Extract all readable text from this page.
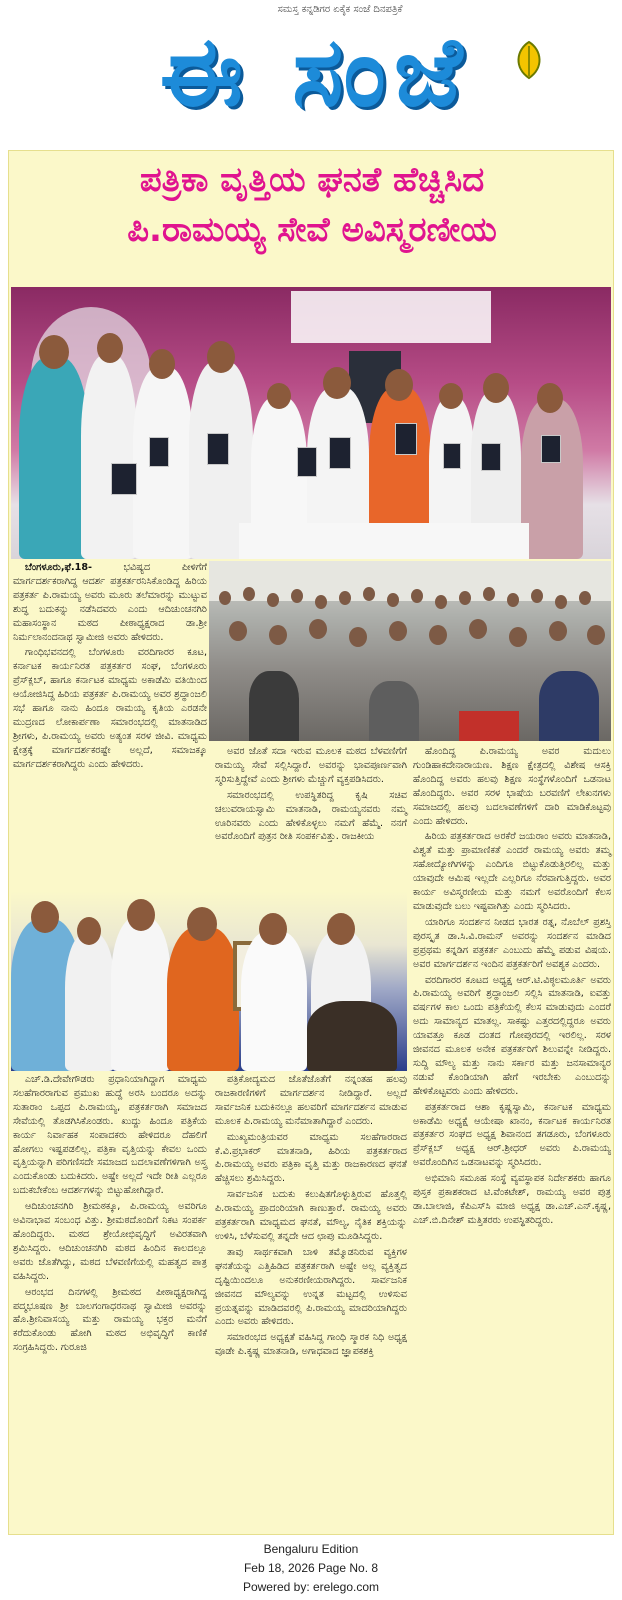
ಸಮಸ್ತ ಕನ್ನಡಿಗರ ಏಕೈಕ ಸಂಜೆ ದಿನಪತ್ರಿಕೆ
ಈ ಸಂಜೆ
ಪತ್ರಿಕಾ ವೃತ್ತಿಯ ಘನತೆ ಹೆಚ್ಚಿಸಿದ
ಪಿ.ರಾಮಯ್ಯ ಸೇವೆ ಅವಿಸ್ಮರಣೀಯ

ಬೆಂಗಳೂರು,ಫೆ.18-	ಭವಿಷ್ಯದ ಪೀಳಿಗೆಗೆ ಮಾರ್ಗದರ್ಶಕರಾಗಿದ್ದ ಆದರ್ಶ ಪತ್ರಕರ್ತರನಿಸಿಕೊಂಡಿದ್ದ ಹಿರಿಯ ಪತ್ರಕರ್ತ ಪಿ.ರಾಮಯ್ಯ ಅವರು ಮೂರು ತಲೆಮಾರನ್ನು ಮುಟ್ಟುವ ಶುದ್ಧ ಬದುಕನ್ನು ನಡೆಸಿದವರು ಎಂದು ಆದಿಚುಂಚನಗಿರಿ ಮಹಾಸಂಸ್ಥಾನ ಮಠದ ಪೀಠಾಧ್ಯಕ್ಷರಾದ ಡಾ.ಶ್ರೀ ನಿರ್ಮಲಾನಂದನಾಥ ಸ್ವಾಮೀಜಿ ಅವರು ಹೇಳಿದರು.

ಗಾಂಧಿಭವನದಲ್ಲಿ ಬೆಂಗಳೂರು ವರದಿಗಾರರ ಕೂಟ, ಕರ್ನಾಟಕ ಕಾರ್ಯನಿರತ ಪತ್ರಕರ್ತರ ಸಂಘ, ಬೆಂಗಳೂರು ಪ್ರೆಸ್‌ಕ್ಲಬ್, ಹಾಗೂ ಕರ್ನಾಟಕ ಮಾಧ್ಯಮ ಅಕಾಡೆಮಿ ವತಿಯಿಂದ ಆಯೋಜಿಸಿದ್ದ ಹಿರಿಯ ಪತ್ರಕರ್ತ ಪಿ.ರಾಮಯ್ಯ ಅವರ ಶ್ರದ್ಧಾಂಜಲಿ ಸಭೆ ಹಾಗೂ ನಾನು ಹಿಂದೂ ರಾಮಯ್ಯ ಕೃತಿಯ ಎರಡನೇ ಮುದ್ರಣದ ಲೋಕಾರ್ಪಣಾ ಸಮಾರಂಭದಲ್ಲಿ ಮಾತನಾಡಿದ ಶ್ರೀಗಳು, ಪಿ.ರಾಮಯ್ಯ ಅವರು ಅತ್ಯಂತ ಸರಳ ಜೀವಿ. ಮಾಧ್ಯಮ ಕ್ಷೇತ್ರಕ್ಕೆ ಮಾರ್ಗದರ್ಶಕರಷ್ಟೇ ಅಲ್ಲದೆ, ಸಮಾಜಕ್ಕೂ ಮಾರ್ಗದರ್ಶಕರಾಗಿದ್ದರು ಎಂದು ಹೇಳಿದರು.

ಅವರ ಜೊತೆ ಸದಾ ಇರುವ ಮೂಲಕ ಮಠದ ಬೆಳವಣಿಗೆಗೆ ರಾಮಯ್ಯ ಸೇವೆ ಸಲ್ಲಿಸಿದ್ದಾರೆ. ಅವರನ್ನು ಭಾವಪೂರ್ಣವಾಗಿ ಸ್ಮರಿಸುತ್ತಿದ್ದೇವೆ ಎಂದು ಶ್ರೀಗಳು ಮೆಚ್ಚುಗೆ ವ್ಯಕ್ತಪಡಿಸಿದರು.

ಸಮಾರಂಭದಲ್ಲಿ ಉಪಸ್ಥಿತರಿದ್ದ ಕೃಷಿ ಸಚಿವ ಚಲುವರಾಯಸ್ವಾಮಿ ಮಾತನಾಡಿ, ರಾಮಯ್ಯನವರು ನಮ್ಮ ಊರಿನವರು ಎಂದು ಹೇಳಿಕೊಳ್ಳಲು ನಮಗೆ ಹೆಮ್ಮೆ. ನನಗೆ ಅವರೊಂದಿಗೆ ಪುತ್ರನ ರೀತಿ ಸಂಪರ್ಕವಿತ್ತು. ರಾಜಕೀಯ

ಹೊಂದಿದ್ದ ಪಿ.ರಾಮಯ್ಯ ಅವರ ಮದುಲು ಗುಂಡಿಹಾಕದೇನಾರಾಯಣ. ಶಿಕ್ಷಣ ಕ್ಷೇತ್ರದಲ್ಲಿ ವಿಶೇಷ ಆಸಕ್ತಿ ಹೊಂದಿದ್ದ ಅವರು ಹಲವು ಶಿಕ್ಷಣ ಸಂಸ್ಥೆಗಳೊಂದಿಗೆ ಒಡನಾಟ ಹೊಂದಿದ್ದರು. ಅವರ ಸರಳ ಭಾಷೆಯ ಬರವಣಿಗೆ ಲೇಖನಗಳು ಸಮಾಜದಲ್ಲಿ ಹಲವು ಬದಲಾವಣೆಗಳಿಗೆ ದಾರಿ ಮಾಡಿಕೊಟ್ಟವು ಎಂದು ಹೇಳಿದರು.

ಹಿರಿಯ ಪತ್ರಕರ್ತರಾದ ಅರಕೆರೆ ಜಯರಾಂ ಅವರು ಮಾತನಾಡಿ, ವಿಶ್ವತೆ ಮತ್ತು ಪ್ರಾಮಾಣಿಕತೆ ಎಂದರೆ ರಾಮಯ್ಯ ಅವರು ತಮ್ಮ ಸಹೋದ್ಯೋಗಿಗಳನ್ನು ಎಂದಿಗೂ ಬಿಟ್ಟುಕೊಡುತ್ತಿರಲಿಲ್ಲ ಮತ್ತು ಯಾವುದೇ ಆಮಿಷ ಇಲ್ಲದೇ ಎಲ್ಲರಿಗೂ ನೆರವಾಗುತ್ತಿದ್ದರು. ಅವರ ಕಾರ್ಯ ಅವಿಸ್ಮರಣೀಯ ಮತ್ತು ನಮಗೆ ಅವರೊಂದಿಗೆ ಕೆಲಸ ಮಾಡುವುದೇ ಬಲು ಇಷ್ಟವಾಗಿತ್ತು ಎಂದು ಸ್ಮರಿಸಿದರು.

ಯಾರಿಗೂ ಸಂದರ್ಶನ ನೀಡದ ಭಾರತ ರತ್ನ, ನೊಬೆಲ್ ಪ್ರಶಸ್ತಿ ಪುರಸ್ಕೃತ ಡಾ.ಸಿ.ವಿ.ರಾಮನ್ ಅವರನ್ನು ಸಂದರ್ಶನ ಮಾಡಿದ ಪ್ರಪ್ರಥಮ ಕನ್ನಡಿಗ ಪತ್ರಕರ್ತ ಎಂಬುದು ಹೆಮ್ಮೆ ಪಡುವ ವಿಷಯ. ಅವರ ಮಾರ್ಗದರ್ಶನ ಇಂದಿನ ಪತ್ರಕರ್ತರಿಗೆ ಅವಶ್ಯಕ ಎಂದರು.

ವರದಿಗಾರರ ಕೂಟದ ಅಧ್ಯಕ್ಷ ಆರ್.ಟಿ.ವಿಠ್ಠಲಮೂರ್ತಿ ಅವರು ಪಿ.ರಾಮಯ್ಯ ಅವರಿಗೆ ಶ್ರದ್ಧಾಂಜಲಿ ಸಲ್ಲಿಸಿ ಮಾತನಾಡಿ, ಐವತ್ತು ವರ್ಷಗಳ ಕಾಲ ಒಂದು ಪತ್ರಿಕೆಯಲ್ಲಿ ಕೆಲಸ ಮಾಡುವುದು ಎಂದರೆ ಅದು ಸಾಮಾನ್ಯದ ಮಾತಲ್ಲ. ಸಾಕಷ್ಟು ಎತ್ತರದಲ್ಲಿದ್ದರೂ ಅವರು ಯಾವತ್ತೂ ಕೂಡ ದಂತದ ಗೋಪುರದಲ್ಲಿ ಇರಲಿಲ್ಲ. ಸರಳ ಜೀವನದ ಮೂಲಕ ಅನೇಕ ಪತ್ರಕರ್ತರಿಗೆ ಶಿಲುವನ್ನೇ ನೀಡಿದ್ದರು. ಸುದ್ದಿ ಮೌಲ್ಯ ಮತ್ತು ನಾನು ಸರ್ಕಾರ ಮತ್ತು ಜನಸಾಮಾನ್ಯರ ನಡುವೆ ಕೊಂಡಿಯಾಗಿ ಹೇಗೆ ಇರಬೇಕು ಎಂಬುದನ್ನು ಹೇಳಿಕೊಟ್ಟವರು ಎಂದು ಹೇಳಿದರು.

ಪತ್ರಕರ್ತರಾದ ಆಶಾ ಕೃಷ್ಣಸ್ವಾಮಿ, ಕರ್ನಾಟಕ ಮಾಧ್ಯಮ ಅಕಾಡೆಮಿ ಅಧ್ಯಕ್ಷೆ ಆಯೇಷಾ ಖಾನಂ, ಕರ್ನಾಟಕ ಕಾರ್ಯನಿರತ ಪತ್ರಕರ್ತರ ಸಂಘದ ಅಧ್ಯಕ್ಷ ಶಿವಾನಂದ ತಗಡೂರು, ಬೆಂಗಳೂರು ಪ್ರೆಸ್‌ಕ್ಲಬ್ ಅಧ್ಯಕ್ಷ ಆರ್.ಶ್ರೀಧರ್ ಅವರು ಪಿ.ರಾಮಯ್ಯ ಅವರೊಂದಿಗಿನ ಒಡನಾಟವನ್ನು ಸ್ಮರಿಸಿದರು.

ಅಭಿಮಾನಿ ಸಮೂಹ ಸಂಸ್ಥೆ ವ್ಯವಸ್ಥಾಪಕ ನಿರ್ದೇಶಕರು ಹಾಗೂ ಪುಸ್ತಕ ಪ್ರಕಾಶಕರಾದ ಟಿ.ವೆಂಕಟೇಶ್, ರಾಮಯ್ಯ ಅವರ ಪುತ್ರ ಡಾ.ಬಾಲಾಜಿ, ಕೆಪಿಎಸ್‌ಸಿ ಮಾಜಿ ಅಧ್ಯಕ್ಷ ಡಾ.ಎಚ್.ಎನ್.ಕೃಷ್ಣ, ಎಚ್.ಬಿ.ದಿನೇಶ್ ಮತ್ತಿತರರು ಉಪಸ್ಥಿತರಿದ್ದರು.

ಎಚ್.ಡಿ.ದೇವೇಗೌಡರು ಪ್ರಧಾನಿಯಾಗಿದ್ದಾಗ ಮಾಧ್ಯಮ ಸಲಹೆಗಾರರಾಗುವ ಪ್ರಮುಖ ಹುದ್ದೆ ಅರಸಿ ಬಂದರೂ ಅದನ್ನು ಸುತಾರಾಂ ಒಪ್ಪದ ಪಿ.ರಾಮಯ್ಯ, ಪತ್ರಕರ್ತರಾಗಿ ಸಮಾಜದ ಸೇವೆಯಲ್ಲಿ ತೊಡಗಿಸಿಕೊಂಡರು. ಖುದ್ದು ಹಿಂದೂ ಪತ್ರಿಕೆಯ ಕಾರ್ಯ ನಿರ್ವಾಹಕ ಸಂಪಾದಕರು ಹೇಳಿದರೂ ದೆಹಲಿಗೆ ಹೋಗಲು ಇಷ್ಟಪಡಲಿಲ್ಲ. ಪತ್ರಿಕಾ ವೃತ್ತಿಯನ್ನು ಕೇವಲ ಒಂದು ವೃತ್ತಿಯನ್ನಾಗಿ ಪರಿಗಣಿಸದೇ ಸಮಾಜದ ಬದಲಾವಣೆಗಳಿಗಾಗಿ ಅಸ್ತ್ರ ಎಂದುಕೊಂಡು ಬದುಕಿದರು. ಅಷ್ಟೇ ಅಲ್ಲದೆ ಇದೇ ರೀತಿ ಎಲ್ಲರೂ ಬದುಕಬೇಕೆಂಬ ಆದರ್ಶಗಳನ್ನು ಬಿಟ್ಟುಹೋಗಿದ್ದಾರೆ.

ಆದಿಚುಂಚನಗಿರಿ ಶ್ರೀಮಠಕ್ಕೂ, ಪಿ.ರಾಮಯ್ಯ ಅವರಿಗೂ ಅವಿನಾಭಾವ ಸಂಬಂಧ ವಿತ್ತು. ಶ್ರೀಮಠದೊಂದಿಗೆ ನಿಕಟ ಸಂಪರ್ಕ ಹೊಂದಿದ್ದರು. ಮಠದ ಶ್ರೇಯೋಭಿವೃದ್ಧಿಗೆ ಅವಿರತವಾಗಿ ಶ್ರಮಿಸಿದ್ದರು. ಆದಿಚುಂಚನಗಿರಿ ಮಠದ ಹಿಂದಿನ ಕಾಲದಲ್ಲೂ ಅವರು ಜೊತೆಗಿದ್ದು, ಮಠದ ಬೆಳವಣಿಗೆಯಲ್ಲಿ ಮಹತ್ವದ ಪಾತ್ರ ವಹಿಸಿದ್ದರು.

ಆರಂಭದ ದಿನಗಳಲ್ಲಿ ಶ್ರೀಮಠದ ಪೀಠಾಧ್ಯಕ್ಷರಾಗಿದ್ದ ಪದ್ಮಭೂಷಣ ಶ್ರೀ ಬಾಲಗಂಗಾಧರನಾಥ ಸ್ವಾಮೀಜಿ ಅವರನ್ನು ಹೊ.ಶ್ರೀನಿವಾಸಯ್ಯ ಮತ್ತು ರಾಮಯ್ಯ ಭಕ್ತರ ಮನೆಗೆ ಕರೆದುಕೊಂಡು ಹೋಗಿ ಮಠದ ಅಭಿವೃದ್ಧಿಗೆ ಕಾಣಿಕೆ ಸಂಗ್ರಹಿಸಿದ್ದರು. ಗುರೂಜಿ

ಪತ್ರಿಕೋದ್ಯಮದ ಜೊತೆಜೊತೆಗೆ ನನ್ನಂತಹ ಹಲವು ರಾಜಕಾರಣಿಗಳಿಗೆ ಮಾರ್ಗದರ್ಶನ ನೀಡಿದ್ದಾರೆ. ಅಲ್ಲದೆ ಸಾರ್ವಜನಿಕ ಬದುಕಿನಲ್ಲೂ ಹಲವರಿಗೆ ಮಾರ್ಗದರ್ಶನ ಮಾಡುವ ಮೂಲಕ ಪಿ.ರಾಮಯ್ಯ ಮನೆಮಾತಾಗಿದ್ದಾರೆ ಎಂದರು.

ಮುಖ್ಯಮಂತ್ರಿಯವರ ಮಾಧ್ಯಮ ಸಲಹೆಗಾರರಾದ ಕೆ.ವಿ.ಪ್ರಭಾಕರ್ ಮಾತನಾಡಿ, ಹಿರಿಯ ಪತ್ರಕರ್ತರಾದ ಪಿ.ರಾಮಯ್ಯ ಅವರು ಪತ್ರಿಕಾ ವೃತ್ತಿ ಮತ್ತು ರಾಜಕಾರಣದ ಘನತೆ ಹೆಚ್ಚಿಸಲು ಶ್ರಮಿಸಿದ್ದರು.

ಸಾರ್ವಜನಿಕ ಬದುಕು ಕಲುಷಿತಗೊಳ್ಳುತ್ತಿರುವ ಹೊತ್ತಲ್ಲಿ ಪಿ.ರಾಮಯ್ಯ ಪ್ರಾದಂರಿಯಾಗಿ ಕಾಣುತ್ತಾರೆ. ರಾಮಯ್ಯ ಅವರು ಪತ್ರಕರ್ತರಾಗಿ ಮಾಧ್ಯಮದ ಘನತೆ, ಮೌಲ್ಯ, ನೈತಿಕ ಶಕ್ತಿಯನ್ನು ಉಳಿಸಿ, ಬೆಳೆಸುವಲ್ಲಿ ತನ್ನದೇ ಆದ ಛಾಪು ಮೂಡಿಸಿದ್ದರು.

ತಾವು ಸಾರ್ಥಕವಾಗಿ ಬಾಳಿ ತಮ್ಮೊಡನಿರುವ ವ್ಯಕ್ತಿಗಳ ಘನತೆಯನ್ನು ಎತ್ತಿಹಿಡಿದ ಪತ್ರಕರ್ತರಾಗಿ ಅಷ್ಟೇ ಅಲ್ಲ ವ್ಯಕ್ತಿತ್ವದ ದೃಷ್ಟಿಯಿಂದಲೂ ಅನುಕರಣೀಯರಾಗಿದ್ದರು. ಸಾರ್ವಜನಿಕ ಜೀವನದ ಮೌಲ್ಯವನ್ನು ಉನ್ನತ ಮಟ್ಟದಲ್ಲಿ ಉಳಿಸುವ ಪ್ರಯತ್ನವನ್ನು ಮಾಡಿದವರಲ್ಲಿ ಪಿ.ರಾಮಯ್ಯ ಮಾದರಿಯಾಗಿದ್ದರು ಎಂದು ಅವರು ಹೇಳಿದರು.

ಸಮಾರಂಭದ ಅಧ್ಯಕ್ಷತೆ ವಹಿಸಿದ್ದ ಗಾಂಧಿ ಸ್ಮಾರಕ ನಿಧಿ ಅಧ್ಯಕ್ಷ ವೂಡೇ ಪಿ.ಕೃಷ್ಣ ಮಾತನಾಡಿ, ಅಗಾಧವಾದ ಜ್ಞಾಪಕಶಕ್ತಿ

Bengaluru Edition
Feb 18, 2026 Page No. 8
Powered by: erelego.com
